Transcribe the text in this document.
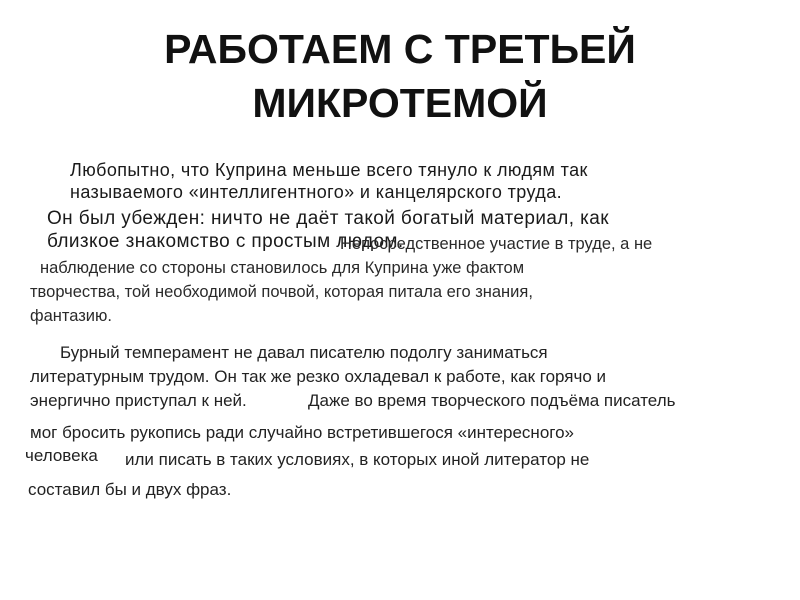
РАБОТАЕМ С ТРЕТЬЕЙ
МИКРОТЕМОЙ
Любопытно, что Куприна меньше всего тянуло к людям так
называемого «интеллигентного» и канцелярского труда.
Он был убежден: ничто не даёт такой богатый материал, как
близкое знакомство с простым людом.
Непосредственное участие в труде, а не
наблюдение со стороны становилось для Куприна уже фактом
творчества, той необходимой почвой, которая питала его знания,
фантазию.
Бурный темперамент не давал писателю подолгу заниматься
литературным трудом. Он так же резко охладевал к работе, как горячо и
энергично приступал к ней.	Даже во время творческого подъёма писатель
мог бросить рукопись ради случайно встретившегося «интересного»
человека или писать в таких условиях, в которых иной литератор не
составил бы и двух фраз.
